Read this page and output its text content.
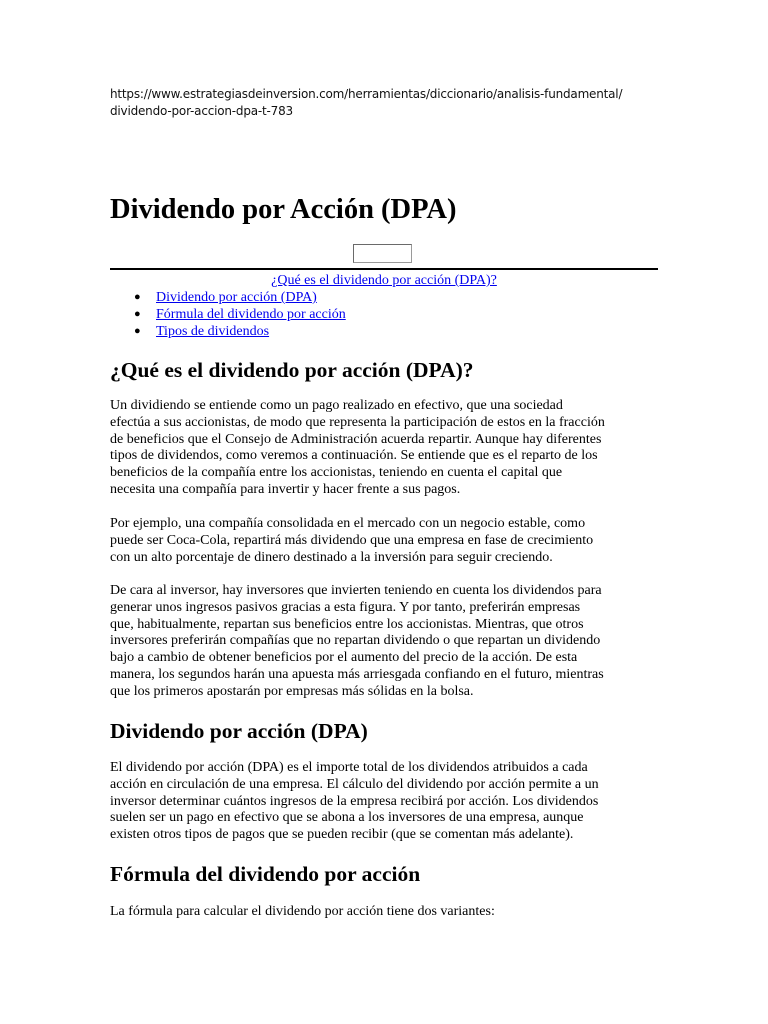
https://www.estrategiasdeinversion.com/herramientas/diccionario/analisis-fundamental/
dividendo-por-accion-dpa-t-783
Dividendo por Acción (DPA)
¿Qué es el dividendo por acción (DPA)?
● Dividendo por acción (DPA)
● Fórmula del dividendo por acción
● Tipos de dividendos
¿Qué es el dividendo por acción (DPA)?

Un dividiendo se entiende como un pago realizado en efectivo, que una sociedad
efectúa a sus accionistas, de modo que representa la participación de estos en la fracción
de beneficios que el Consejo de Administración acuerda repartir. Aunque hay diferentes
tipos de dividendos, como veremos a continuación. Se entiende que es el reparto de los
beneficios de la compañía entre los accionistas, teniendo en cuenta el capital que
necesita una compañía para invertir y hacer frente a sus pagos.

Por ejemplo, una compañía consolidada en el mercado con un negocio estable, como
puede ser Coca-Cola, repartirá más dividendo que una empresa en fase de crecimiento
con un alto porcentaje de dinero destinado a la inversión para seguir creciendo.

De cara al inversor, hay inversores que invierten teniendo en cuenta los dividendos para
generar unos ingresos pasivos gracias a esta figura. Y por tanto, preferirán empresas
que, habitualmente, repartan sus beneficios entre los accionistas. Mientras, que otros
inversores preferirán compañías que no repartan dividendo o que repartan un dividendo
bajo a cambio de obtener beneficios por el aumento del precio de la acción. De esta
manera, los segundos harán una apuesta más arriesgada confiando en el futuro, mientras
que los primeros apostarán por empresas más sólidas en la bolsa.

Dividendo por acción (DPA)

El dividendo por acción (DPA) es el importe total de los dividendos atribuidos a cada
acción en circulación de una empresa. El cálculo del dividendo por acción permite a un
inversor determinar cuántos ingresos de la empresa recibirá por acción. Los dividendos
suelen ser un pago en efectivo que se abona a los inversores de una empresa, aunque
existen otros tipos de pagos que se pueden recibir (que se comentan más adelante).

Fórmula del dividendo por acción

La fórmula para calcular el dividendo por acción tiene dos variantes:
